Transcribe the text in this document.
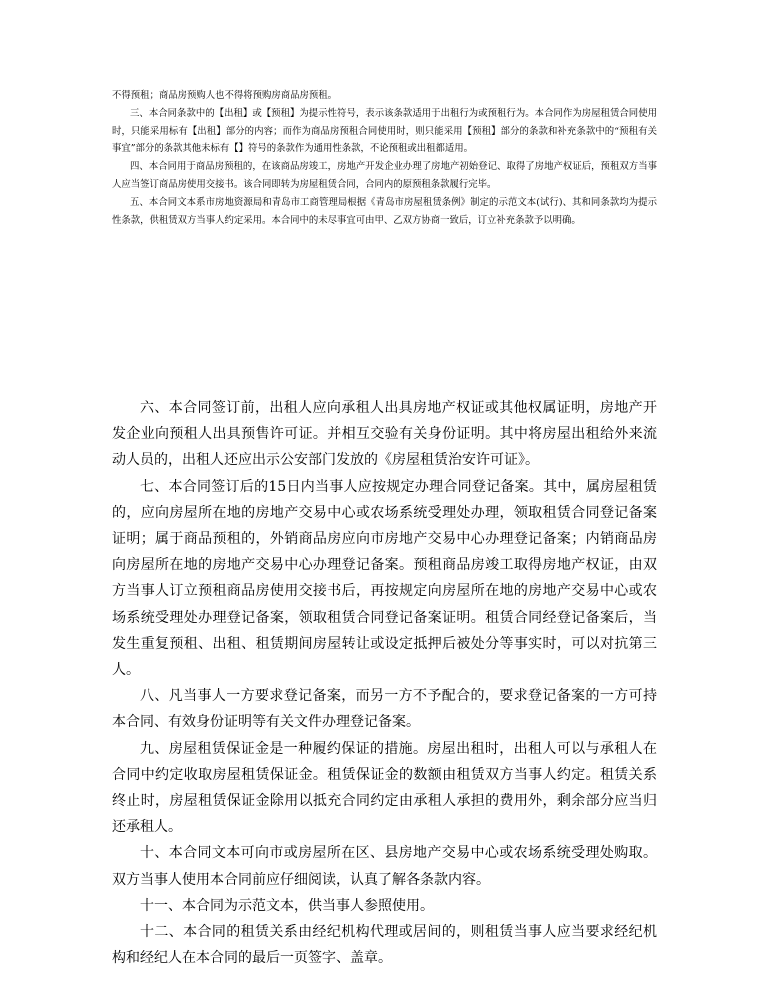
不得预租；商品房预购人也不得将预购房商品房预租。

三、本合同条款中的【出租】或【预租】为提示性符号，表示该条款适用于出租行为或预租行为。本合同作为房屋租赁合同使用时，只能采用标有【出租】部分的内容；而作为商品房预租合同使用时，则只能采用【预租】部分的条款和补充条款中的“预租有关事宜”部分的条款其他未标有【】符号的条款作为通用性条款，不论预租或出租都适用。

四、本合同用于商品房预租的，在该商品房竣工，房地产开发企业办理了房地产初始登记、取得了房地产权证后，预租双方当事人应当签订商品房使用交接书。该合同即转为房屋租赁合同，合同内的原预租条款履行完毕。

五、本合同文本系市房地资源局和青岛市工商管理局根据《青岛市房屋租赁条例》制定的示范文本(试行)、其和同条款均为提示性条款，供租赁双方当事人约定采用。本合同中的未尽事宜可由甲、乙双方协商一致后，订立补充条款予以明确。

六、本合同签订前，出租人应向承租人出具房地产权证或其他权属证明，房地产开发企业向预租人出具预售许可证。并相互交验有关身份证明。其中将房屋出租给外来流动人员的，出租人还应出示公安部门发放的《房屋租赁治安许可证》。

七、本合同签订后的15日内当事人应按规定办理合同登记备案。其中，属房屋租赁的，应向房屋所在地的房地产交易中心或农场系统受理处办理，领取租赁合同登记备案证明；属于商品预租的，外销商品房应向市房地产交易中心办理登记备案；内销商品房向房屋所在地的房地产交易中心办理登记备案。预租商品房竣工取得房地产权证，由双方当事人订立预租商品房使用交接书后，再按规定向房屋所在地的房地产交易中心或农场系统受理处办理登记备案，领取租赁合同登记备案证明。租赁合同经登记备案后，当发生重复预租、出租、租赁期间房屋转让或设定抵押后被处分等事实时，可以对抗第三人。

八、凡当事人一方要求登记备案，而另一方不予配合的，要求登记备案的一方可持本合同、有效身份证明等有关文件办理登记备案。

九、房屋租赁保证金是一种履约保证的措施。房屋出租时，出租人可以与承租人在合同中约定收取房屋租赁保证金。租赁保证金的数额由租赁双方当事人约定。租赁关系终止时，房屋租赁保证金除用以抵充合同约定由承租人承担的费用外，剩余部分应当归还承租人。

十、本合同文本可向市或房屋所在区、县房地产交易中心或农场系统受理处购取。双方当事人使用本合同前应仔细阅读，认真了解各条款内容。

十一、本合同为示范文本，供当事人参照使用。

十二、本合同的租赁关系由经纪机构代理或居间的，则租赁当事人应当要求经纪机构和经纪人在本合同的最后一页签字、盖章。
